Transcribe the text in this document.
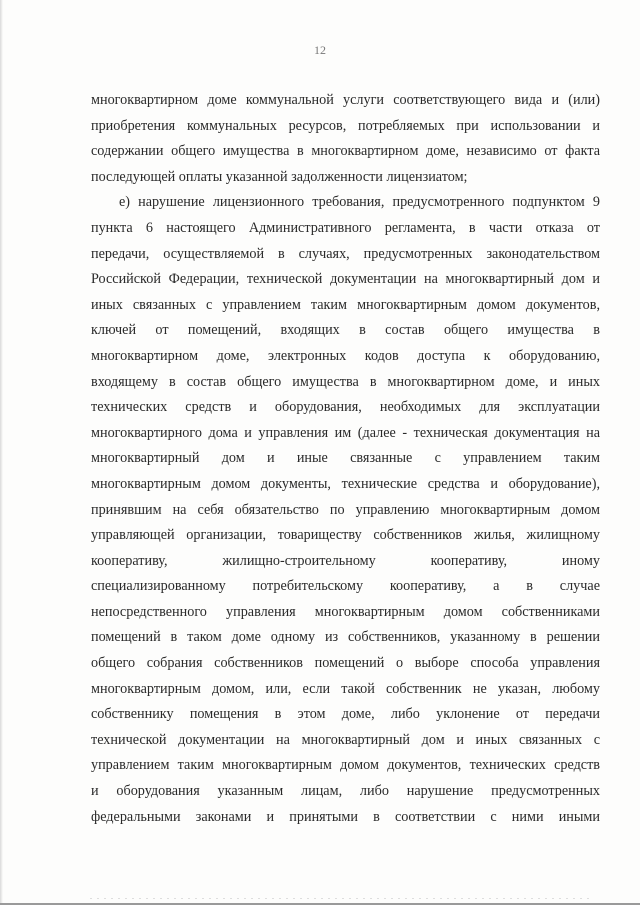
12
многоквартирном доме коммунальной услуги соответствующего вида и (или)
приобретения коммунальных ресурсов, потребляемых при использовании и
содержании общего имущества в многоквартирном доме, независимо от факта
последующей оплаты указанной задолженности лицензиатом;
е) нарушение лицензионного требования, предусмотренного подпунктом 9
пункта 6 настоящего Административного регламента, в части отказа от
передачи, осуществляемой в случаях, предусмотренных законодательством
Российской Федерации, технической документации на многоквартирный дом и
иных связанных с управлением таким многоквартирным домом документов,
ключей от помещений, входящих в состав общего имущества в
многоквартирном доме, электронных кодов доступа к оборудованию,
входящему в состав общего имущества в многоквартирном доме, и иных
технических средств и оборудования, необходимых для эксплуатации
многоквартирного дома и управления им (далее - техническая документация на
многоквартирный дом и иные связанные с управлением таким
многоквартирным домом документы, технические средства и оборудование),
принявшим на себя обязательство по управлению многоквартирным домом
управляющей организации, товариществу собственников жилья, жилищному
кооперативу, жилищно-строительному кооперативу, иному
специализированному потребительскому кооперативу, а в случае
непосредственного управления многоквартирным домом собственниками
помещений в таком доме одному из собственников, указанному в решении
общего собрания собственников помещений о выборе способа управления
многоквартирным домом, или, если такой собственник не указан, любому
собственнику помещения в этом доме, либо уклонение от передачи
технической документации на многоквартирный дом и иных связанных с
управлением таким многоквартирным домом документов, технических средств
и оборудования указанным лицам, либо нарушение предусмотренных
федеральными законами и принятыми в соответствии с ними иными
